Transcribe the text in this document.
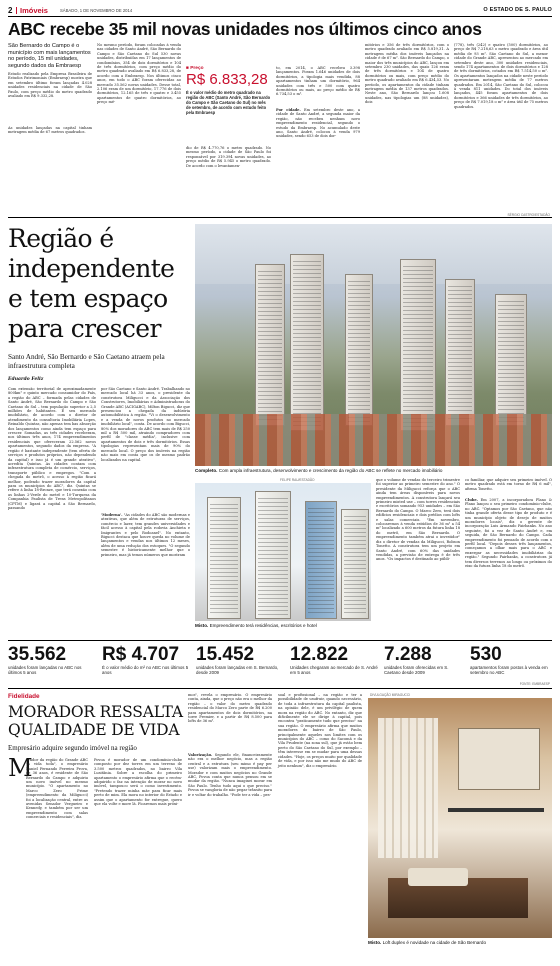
2 Imóveis	SÁBADO, 1 DE NOVEMBRO DE 2014	O ESTADO DE S. PAULO
ABC recebe 35 mil novas unidades nos últimos cinco anos
São Bernardo do Campo é o município com mais lançamentos no período, 15 mil unidades, segundo dados da Embraesp
Estudo realizado pela Empresa Brasileira de Estudos Patrimoniais (Embraesp) mostra que em setembro último foram lançadas 4.028 unidades residenciais na cidade de São Paulo, com preço médio do metro quadrado avaliado em R$ 9.332,28.
As unidades lançadas na capital tinham metragem média de 67 metros quadrados.
No mesmo período, foram colocadas à venda nas cidades de Santo André, São Bernardo do Campo e São Caetano do Sul 530 novas unidades, distribuídas em 17 lançamentos de condomínios, 354 de dois dormitórios e 104 de três dormitórios, com preço médio do metro quadrado avaliado em R$ 6.833,28, de acordo com a Embraesp. Nos últimos cinco anos, em todo o ABC foram oferecidas ao mercado 35.562 novas unidades. Desse total, 2.106 eram de um dormitório, 17.776 de dois dormitórios, 12.165 de três e quatro e 3.455 apartamentos de quatro dormitórios, ao preço mé-
■ Preço
R$ 6.833,28
É o valor médio do metro quadrado na região do ABC (Santo André, São Bernardo do Campo e São Caetano do Sul) no mês de setembro, de acordo com estudo feito pela Embraesp
dio de R$ 4.770,76 o metro quadrado. No mesmo período, a cidade de São Paulo foi responsável por 319.394 novas unidades, ao preço médio de R$ 5.945 o metro quadrado. De acordo com o levantamen-
to, em 2014, o ABC recebeu 3.398 lançamentos. Foram 1.646 unidades de dois dormitórios, a tipologia mais vendida, 88 apartamentos tinham um dormitório, 964 unidades com três e 500 com quatro dormitórios ou mais, ao preço médio de R$ 6.734,53 o m².
Por cidade. Em setembro deste ano, a cidade de Santo André, a segunda maior da região, não recebeu nenhum novo empreendimento residencial, segundo o estudo da Embraesp. No acumulado deste ano, Santo André, colocou à venda 979 unidades, sendo 653 de dois dor-
mitórios e 356 de três dormitórios, com o metro quadrado avaliado em R$ 5.819,31. A metragem média dos imóveis lançados na cidade é de 67 m². São Bernardo do Campo, o maior dos três municípios do ABC, lançou em setembro 230 unidades, das quais 126 eram de três dormitórios e 104 de quatro dormitórios ou mais, com preço médio do metro quadrado avaliado em R$ 6.434,53. No período, os apartamentos da cidade tinham metragem média de 137 metros quadrados. Neste ano, São Bernardo lançou 1.608 unidades, nas tipologias um (88 unidades), dois
(778), três (242) e quatro (500) dormitórios, ao preço de R$ 7.218,63 o metro quadrado e área útil média de 93 m². São Caetano do Sul, a menor cidade do Grande ABC, apresentou ao mercado em setembro deste ano, 300 unidades residenciais, sendo 174 apartamentos de dois dormitórios e 128 de três dormitórios, cotados em R$ 7.514,50 o m². Os apartamentos lançados na cidade neste período apresentaram metragem média de 77 metros quadrados. Em 2014, São Caetano do Sul, colocou à venda 811 unidades. Do total dos imóveis lançados, 445 foram apartamentos de dois dormitórios e 366 unidades de três dormitórios, ao preço de R$ 7.019,18 o m² e área útil de 75 metros quadrados.
SÉRGIO CASTRO/ESTADÃO
Região é independente e tem espaço para crescer
Santo André, São Bernardo e São Caetano atraem pela infraestrutura completa
Eduardo Feliz
Com extensão territorial de aproximadamente 800km² e quinto mercado consumidor do País, a região do ABC – formada pelas cidades de Santo André, São Bernardo do Campo e São Caetano do Sul – tem população superior a 2,5 milhões de habitantes. E seu mercado imobiliário, de acordo com o diretor de atendimento da consultoria Imobiliária Lopes, Reinaldo Quintas, não apenas tem bas absorção dos lançamentos como ainda tem espaço para crescer. Somadas, as três cidades receberam, nos últimos três anos, 174 empreendimentos residenciais que ofereceram 22.562 novos apartamentos, segundo dados da empresa. "A região é bastante independente (tem oferta de serviços e produtos próprios, não dependendo da capital) e isso já é um grande atrativo", acredita Quintas. As cidades contam com infraestrutura completa de comércio, serviços, transporte público e empregos. "Com a chegada do metrô, o acesso à região ficará melhor, podendo trazer moradores da capital para os municípios do ABC", diz. Quintas se refere à linha 18-Bronze, que terá conexão com as linhas 2-Verde do metrô e 10-Turquesa da Companhia Paulista de Trens Metropolitanos (CPTM) e ligará a capital a São Bernardo, passando
por São Caetano e Santo André. Trabalhando no mercado local há 33 anos, o presidente da construtora Miligucci e da Associação dos Construtores, Imobiliárias e Administradoras do Grande ABC (ACIGABC), Milton Bigucci, diz que presenciou a chegada da indústria automobilística à região. "Vi o desenvolvimento e a venda de novos produtos no mercado imobiliário local", conta. De acordo com Bigucci, 80% dos moradores do ABC tem mais de R$ 250 mil a R$ 500 mil, atraindo compradores com perfil de "classe média", inclusive com apartamentos de dois e três dormitórios. Essas tipologias representam mais de 90% do mercado local. O preço dos imóveis na região não mais em conta que os de mesmo padrão localizados na capital.
'Moderna'. "As cidades do ABC são modernas e atrativas, que além de estruturas de serviços, comércio e lazer, tem grandes universidades e fácil acesso à capital pela rodovia Anchieta e Imigrantes e pelo Rodoanel". No entanto, Bigucci destaca que houve queda no volume de lançamentos e vendas nos últimos 12 meses, além de uma redução dos estoques. "O segundo semestre é historicamente melhor que o primeiro, mas já temos números que mostram
Completo. Com ampla infraestrutura, desenvolvimento e crescimento da região do ABC se reflete no mercado imobiliário
FELIPE RAU/ESTADÃO
Misto. Empreendimento terá residências, escritórios e hotel
que o volume de vendas do terceiro trimestre foi superior ao primeiro semestre do ano." O presidente da Miligucci reforça que o ABC ainda tem áreas disponíveis para novos empreendimentos. A construtora lançará seu primeiro misted use – com torres residenciais e escritórios somando 953 unidades – em São Bernardo do Campo. O Marco Zero, terá dois edifícios residenciais e dois prédios com lofts e salas comerciais. "Em novembro, colocaremos à venda estúdios de 36 m² a 54 m² localizado a 600 metros da futura linha 18 do metrô, em São Bernardo. O empreendimento também atrai o investidor" diz o diretor de vendas da Miligucci, Robson Tonetto. A construtora tem um projeto em Santo André, com 60% das unidades vendidas, a previsão de entrega é de três anos. "Os impactos é destinado ao públi-
co familiar, que adquire seu primeiro imóvel. O metro quadrado está em torno de R$ 6 mil", afirma Tonetto.
Clube. Em 2007, a incorporadora Plano & Plano lançou o seu primeiro condomínio-clube, no ABC. "Optamos por São Caetano, que não tinha grande oferta desse tipo de produto e é um município objeto de desejo de muitos moradores locais", diz o gerente de incorporação Luis Armando Fairbanks. No ano seguinte, foi a vez de Santo André e, em seguida, de São Bernardo do Campo. Cada empreendimento foi pensado de acordo com o perfil local. "Depois desses três lançamentos, começamos a olhar mais para o ABC e enxergar as necessidades imobiliárias da região." Segundo Fairbanks, a construtora já tem diversos terrenos ao longo ou próximos do eixo da futura linha 18 do metrô.
35.562
unidades foram lançadas no ABC nos últimos 5 anos
R$ 4.707
É o valor médio do m² no ABC nos últimos 5 anos
15.452
unidades foram lançadas em S. Bernardo, desde 2009
12.822
Unidades chegaram ao mercado de S. André em 5 anos
7.288
unidades foram oferecidas em S. Caetano desde 2009
530
apartamentos foram postos à venda em setembro no ABC
FONTE: EMBRAESP
Fidelidade
MORADOR RESSALTA QUALIDADE DE VIDA
Empresário adquire segundo imóvel na região
M
orador da região do Grande ABC "a vida toda", o empresário Daniel Fernando Ferreira Prova, de 36 anos, é residente de São Bernardo do Campo e adquiriu um novo imóvel no mesmo município. "O apartamento no Marco Zero Prime (empreendimento da Miligucci) foi a localização central, entre as avenidas Senador Vergueiro e Kennedy, e também por ser um empreendimento com salas comerciais e residenciais", diz.
Povoa é morador de um condomínio-clube composto por dez torres em um terreno de 3.500 metros quadrados, no bairro Vila Lusitânia. Sobre a escolha do primeiro apartamento o empresário afirma que o recém-adquirido o faz na intenção de morar no novo imóvel, tampouco será o como investimento. "Pretendo trazer minha mãe para ficar mais perto de mim. Ela mora no interior do Estado e assim que o apartamento for entregue, quero que ela volte e more lá. Ficaremos mais próxi-
mos", revela o empresário. O empresário conta, ainda, que o preço não era o melhor da região – o valor do metro quadrado residencial do Marco Zero parte de R$ 6.200 para apartamentos de dois dormitórios, na torre Premier, e a partir de R$ 8.500 para lofts de 36 m².
Valorização. Segundo ele, financeiramente não era o melhor negócio, mas a região central e a estrutura (seu mimo é pay per use) valorizam mais o empreendimento. Morador e com muitos negócios no Grande ABC, Povoa conta que nunca pensou em se mudar da região. "Nunca imaginei morar em São Paulo. Tenho tudo aqui o que preciso." Povoa se vangloria de não pegar trânsito para ir e voltar do trabalho. "Pode ter a vida – pes-
soal e profissional – na região e ter a possibilidade de usufruir, quando necessário, de toda a infraestrutura da capital paulista, na opinião dele, é um privilégio de quem mora na região do ABC. No entanto, diz que dificilmente ele se dirige à capital, pois encontra "praticamente tudo que preciso" na sua região. O empresário afirma que muitos moradores do bairro de São Paulo, principalmente aqueles nos limites com os municípios do ABC – como do Sacomã e da Vila Prudente (na zona sul), que já estão bem perto do São Caetano do Sul, por exemplo – têm interesse em se mudar para uma dessas cidades. "Hoje, os preços muito por qualidade de vida, e por isso não me mudo do ABC de jeito nenhum", diz o empresário.
DIVULGAÇÃO MIRAGUCCI
Misto. Loft duplex é novidade na cidade de São Bernardo
